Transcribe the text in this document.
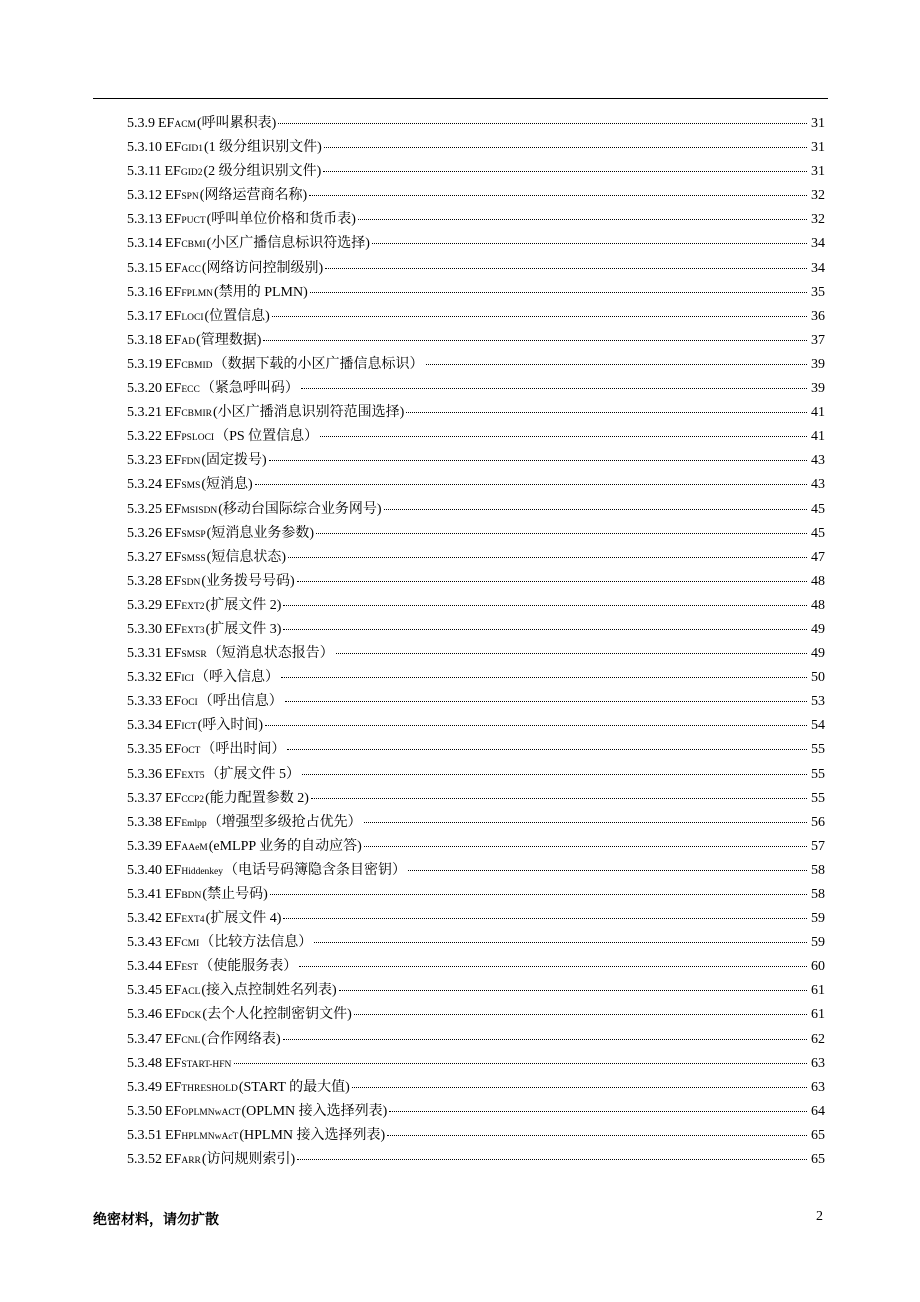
5.3.9 EF ACM (呼叫累积表)	31
5.3.10 EF GID1 (1 级分组识别文件)	31
5.3.11 EF GID2 (2 级分组识别文件)	31
5.3.12 EF SPN (网络运营商名称)	32
5.3.13 EF PUCT (呼叫单位价格和货币表)	32
5.3.14 EF CBMI (小区广播信息标识符选择)	34
5.3.15 EF ACC (网络访问控制级别)	34
5.3.16 EF FPLMN (禁用的 PLMN)	35
5.3.17 EF LOCI (位置信息)	36
5.3.18 EF AD (管理数据)	37
5.3.19 EF CBMID （数据下载的小区广播信息标识）	39
5.3.20 EF ECC （紧急呼叫码）	39
5.3.21 EF CBMIR (小区广播消息识别符范围选择)	41
5.3.22 EF PSLOCI （PS 位置信息）	41
5.3.23 EF FDN (固定拨号)	43
5.3.24 EF SMS (短消息)	43
5.3.25 EF MSISDN (移动台国际综合业务网号)	45
5.3.26 EF SMSP (短消息业务参数)	45
5.3.27 EF SMSS (短信息状态)	47
5.3.28 EF SDN (业务拨号号码)	48
5.3.29 EF EXT2 (扩展文件 2)	48
5.3.30 EF EXT3 (扩展文件 3)	49
5.3.31 EF SMSR （短消息状态报告）	49
5.3.32 EF ICI （呼入信息）	50
5.3.33 EF OCI （呼出信息）	53
5.3.34 EF ICT (呼入时间)	54
5.3.35 EF OCT （呼出时间）	55
5.3.36 EF EXT5 （扩展文件 5）	55
5.3.37 EF CCP2 (能力配置参数 2)	55
5.3.38 EF Emlpp （增强型多级抢占优先）	56
5.3.39 EF AAeM (eMLPP 业务的自动应答)	57
5.3.40 EF Hiddenkey （电话号码簿隐含条目密钥）	58
5.3.41 EF BDN (禁止号码)	58
5.3.42 EF EXT4 (扩展文件 4)	59
5.3.43 EF CMI （比较方法信息）	59
5.3.44 EF EST （使能服务表）	60
5.3.45 EF ACL (接入点控制姓名列表)	61
5.3.46 EF DCK (去个人化控制密钥文件)	61
5.3.47 EF CNL (合作网络表)	62
5.3.48 EF START-HFN	63
5.3.49 EF THRESHOLD (START 的最大值)	63
5.3.50 EF OPLMNwACT (OPLMN 接入选择列表)	64
5.3.51 EF HPLMNwAcT (HPLMN 接入选择列表)	65
5.3.52 EF ARR (访问规则索引)	65
绝密材料，请勿扩散	2
